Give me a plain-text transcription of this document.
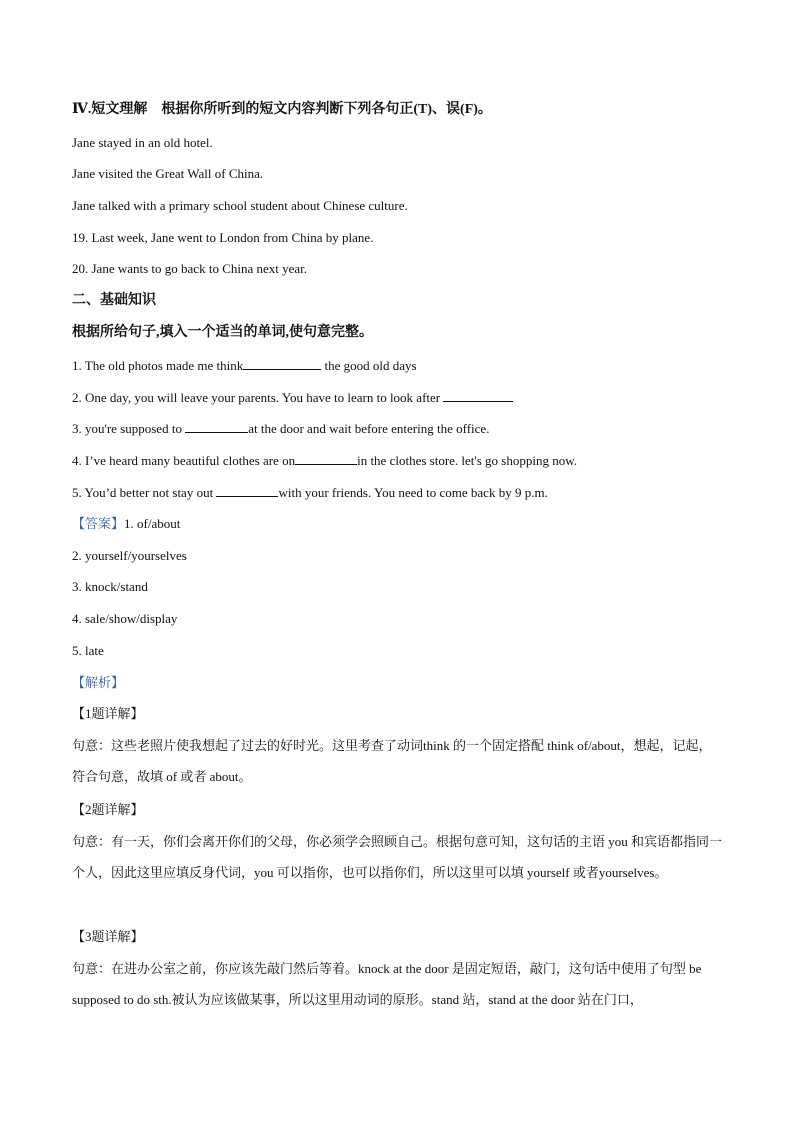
Ⅳ.短文理解　根据你所听到的短文内容判断下列各句正(T)、误(F)。
Jane stayed in an old hotel.
Jane visited the Great Wall of China.
Jane talked with a primary school student about Chinese culture.
19. Last week, Jane went to London from China by plane.
20. Jane wants to go back to China next year.
二、基础知识
根据所给句子,填入一个适当的单词,使句意完整。
1. The old photos made me think	the good old days
2. One day, you will leave your parents. You have to learn to look after
3. you're supposed to	at the door and wait before entering the office.
4. I’ve heard many beautiful clothes are on	in the clothes store. let's go shopping now.
5. You’d better not stay out	with your friends. You need to come back by 9 p.m.
【答案】1. of/about
2. yourself/yourselves
3. knock/stand
4. sale/show/display
5. late
【解析】
【1题详解】
句意：这些老照片使我想起了过去的好时光。这里考查了动词think 的一个固定搭配 think of/about，想起，记起，符合句意，故填 of 或者 about。
【2题详解】
句意：有一天，你们会离开你们的父母，你必须学会照顾自己。根据句意可知，这句话的主语 you 和宾语都指同一个人，因此这里应填反身代词，you 可以指你，也可以指你们，所以这里可以填 yourself 或者yourselves。
【3题详解】
句意：在进办公室之前，你应该先敲门然后等着。knock at the door 是固定短语，敲门，这句话中使用了句型 be supposed to do sth.被认为应该做某事，所以这里用动词的原形。stand 站，stand at the door 站在门口，
